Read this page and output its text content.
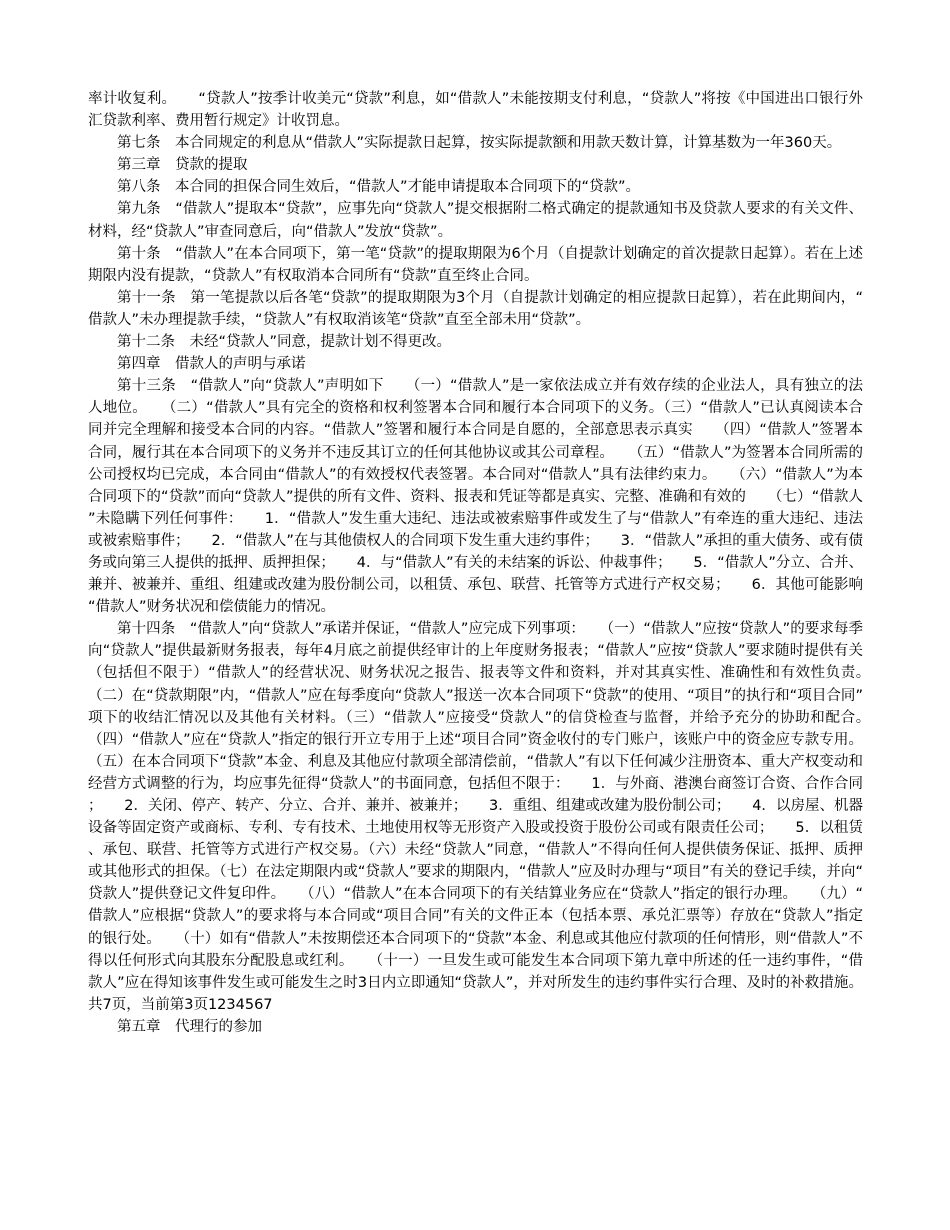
率计收复利。　　“贷款人”按季计收美元“贷款”利息，如“借款人”未能按期支付利息，“贷款人”将按《中国进出口银行外汇贷款利率、费用暂行规定》计收罚息。

第七条　本合同规定的利息从“借款人”实际提款日起算，按实际提款额和用款天数计算，计算基数为一年360天。

第三章　贷款的提取

第八条　本合同的担保合同生效后，“借款人”才能申请提取本合同项下的“贷款”。

第九条　“借款人”提取本“贷款”，应事先向“贷款人”提交根据附二格式确定的提款通知书及贷款人要求的有关文件、材料，经“贷款人”审查同意后，向“借款人”发放“贷款”。

第十条　“借款人”在本合同项下，第一笔“贷款”的提取期限为6个月（自提款计划确定的首次提款日起算）。若在上述期限内没有提款，“贷款人”有权取消本合同所有“贷款”直至终止合同。

第十一条　第一笔提款以后各笔“贷款”的提取期限为3个月（自提款计划确定的相应提款日起算），若在此期间内，“借款人”未办理提款手续，“贷款人”有权取消该笔“贷款”直至全部未用“贷款”。

第十二条　未经“贷款人”同意，提款计划不得更改。

第四章　借款人的声明与承诺

第十三条　“借款人”向“贷款人”声明如下　　（一）“借款人”是一家依法成立并有效存续的企业法人，具有独立的法人地位。　　（二）“借款人”具有完全的资格和权利签署本合同和履行本合同项下的义务。（三）“借款人”已认真阅读本合同并完全理解和接受本合同的内容。“借款人”签署和履行本合同是自愿的，全部意思表示真实　　（四）“借款人”签署本合同，履行其在本合同项下的义务并不违反其订立的任何其他协议或其公司章程。　　（五）“借款人”为签署本合同所需的公司授权均已完成，本合同由“借款人”的有效授权代表签署。本合同对“借款人”具有法律约束力。　　（六）“借款人”为本合同项下的“贷款”而向“贷款人”提供的所有文件、资料、报表和凭证等都是真实、完整、准确和有效的　　（七）“借款人”未隐瞒下列任何事件：　　1．“借款人”发生重大违纪、违法或被索赔事件或发生了与“借款人”有牵连的重大违纪、违法或被索赔事件；　　2．“借款人”在与其他债权人的合同项下发生重大违约事件；　　3．“借款人”承担的重大债务、或有债务或向第三人提供的抵押、质押担保；　　4．与“借款人”有关的未结案的诉讼、仲裁事件；　　5．“借款人”分立、合并、兼并、被兼并、重组、组建或改建为股份制公司，以租赁、承包、联营、托管等方式进行产权交易；　　6．其他可能影响“借款人”财务状况和偿债能力的情况。

第十四条　“借款人”向“贷款人”承诺并保证，“借款人”应完成下列事项：　　（一）“借款人”应按“贷款人”的要求每季向“贷款人”提供最新财务报表，每年4月底之前提供经审计的上年度财务报表；“借款人”应按“贷款人”要求随时提供有关（包括但不限于）“借款人”的经营状况、财务状况之报告、报表等文件和资料，并对其真实性、准确性和有效性负责。　　（二）在“贷款期限”内，“借款人”应在每季度向“贷款人”报送一次本合同项下“贷款”的使用、“项目”的执行和“项目合同”项下的收结汇情况以及其他有关材料。（三）“借款人”应接受“贷款人”的信贷检查与监督，并给予充分的协助和配合。　　（四）“借款人”应在“贷款人”指定的银行开立专用于上述“项目合同”资金收付的专门账户，该账户中的资金应专款专用。（五）在本合同项下“贷款”本金、利息及其他应付款项全部清偿前，“借款人”有以下任何减少注册资本、重大产权变动和经营方式调整的行为，均应事先征得“贷款人”的书面同意，包括但不限于：　　1．与外商、港澳台商签订合资、合作合同；　　2．关闭、停产、转产、分立、合并、兼并、被兼并；　　3．重组、组建或改建为股份制公司；　　4．以房屋、机器设备等固定资产或商标、专利、专有技术、土地使用权等无形资产入股或投资于股份公司或有限责任公司；　　5．以租赁、承包、联营、托管等方式进行产权交易。（六）未经“贷款人”同意，“借款人”不得向任何人提供债务保证、抵押、质押或其他形式的担保。（七）在法定期限内或“贷款人”要求的期限内，“借款人”应及时办理与“项目”有关的登记手续，并向“贷款人”提供登记文件复印件。　　（八）“借款人”在本合同项下的有关结算业务应在“贷款人”指定的银行办理。　　（九）“借款人”应根据“贷款人”的要求将与本合同或“项目合同”有关的文件正本（包括本票、承兑汇票等）存放在“贷款人”指定的银行处。　　（十）如有“借款人”未按期偿还本合同项下的“贷款”本金、利息或其他应付款项的任何情形，则“借款人”不得以任何形式向其股东分配股息或红利。　　（十一）一旦发生或可能发生本合同项下第九章中所述的任一违约事件，“借款人”应在得知该事件发生或可能发生之时3日内立即通知“贷款人”，并对所发生的违约事件实行合理、及时的补救措施。共7页，当前第3页1234567

第五章　代理行的参加
